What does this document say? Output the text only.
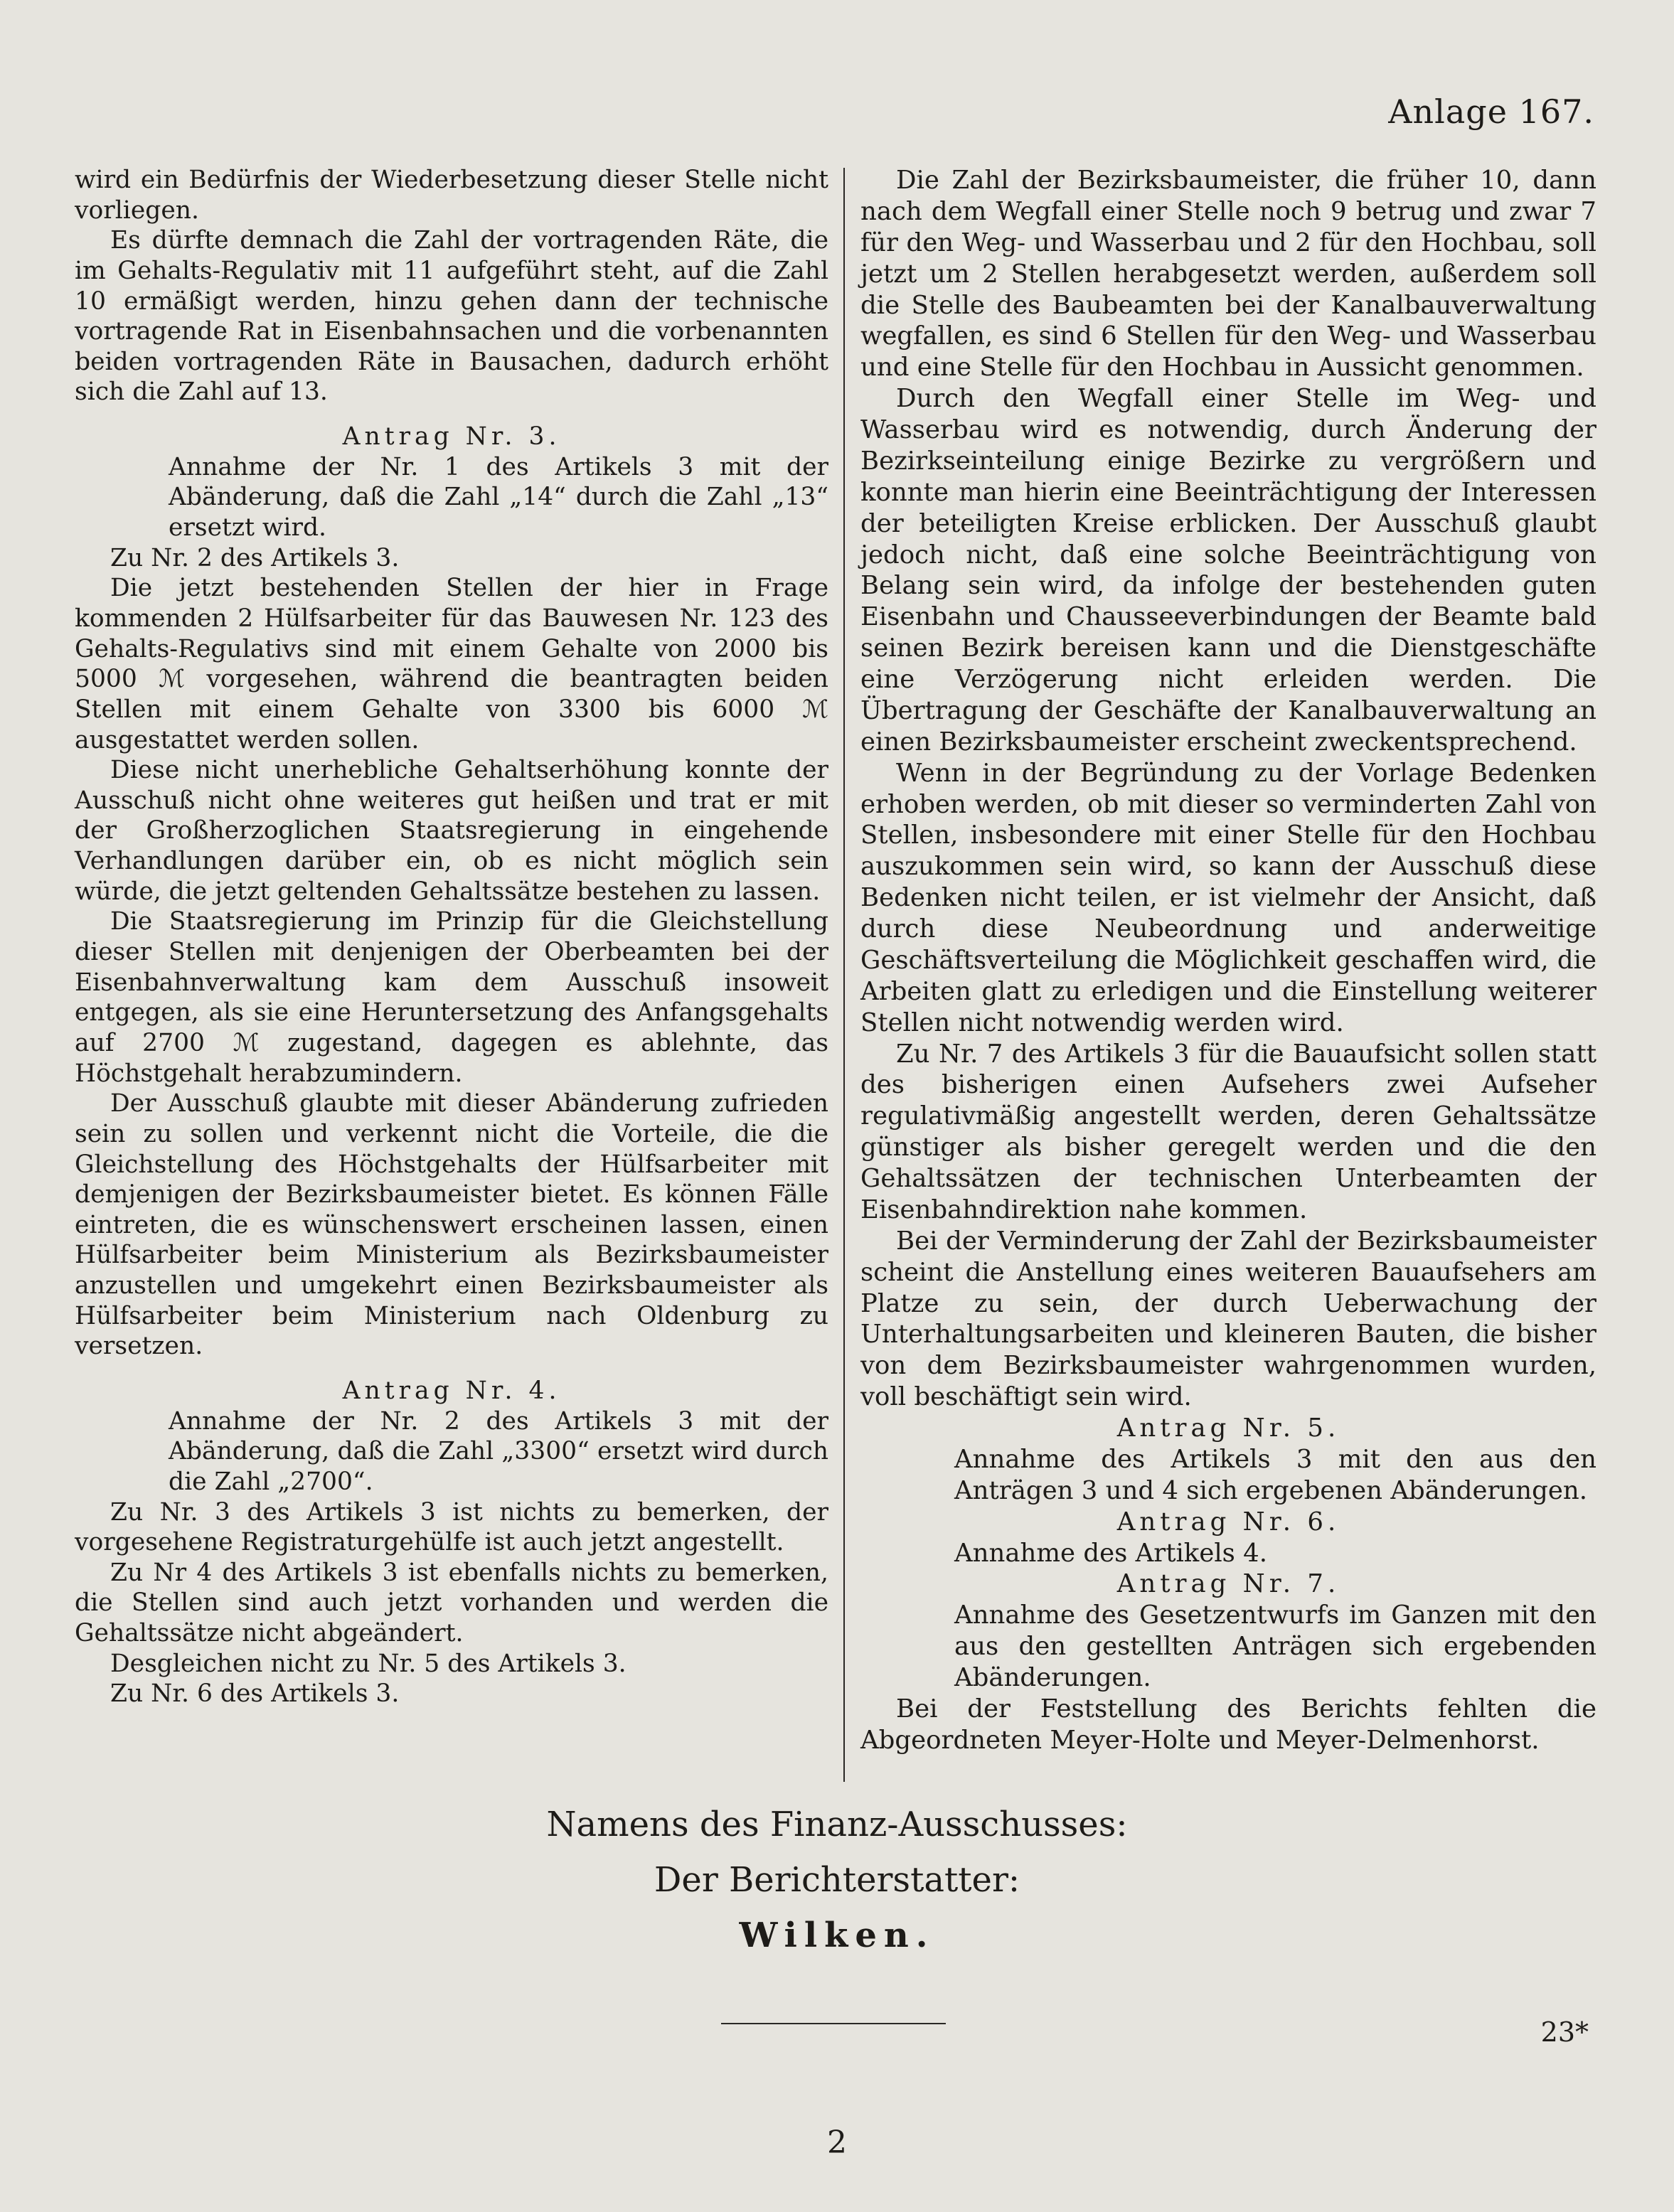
Anlage 167.

wird ein Bedürfnis der Wiederbesetzung dieser Stelle nicht vorliegen.

Es dürfte demnach die Zahl der vortragenden Räte, die im Gehalts-Regulativ mit 11 aufgeführt steht, auf die Zahl 10 ermäßigt werden, hinzu gehen dann der technische vortragende Rat in Eisenbahnsachen und die vorbenannten beiden vortragenden Räte in Bausachen, dadurch erhöht sich die Zahl auf 13.

Antrag Nr. 3.

Annahme der Nr. 1 des Artikels 3 mit der Abänderung, daß die Zahl „14“ durch die Zahl „13“ ersetzt wird.

Zu Nr. 2 des Artikels 3.

Die jetzt bestehenden Stellen der hier in Frage kommenden 2 Hülfsarbeiter für das Bauwesen Nr. 123 des Gehalts-Regulativs sind mit einem Gehalte von 2000 bis 5000 ℳ vorgesehen, während die beantragten beiden Stellen mit einem Gehalte von 3300 bis 6000 ℳ ausgestattet werden sollen.

Diese nicht unerhebliche Gehaltserhöhung konnte der Ausschuß nicht ohne weiteres gut heißen und trat er mit der Großherzoglichen Staatsregierung in eingehende Verhandlungen darüber ein, ob es nicht möglich sein würde, die jetzt geltenden Gehaltssätze bestehen zu lassen.

Die Staatsregierung im Prinzip für die Gleichstellung dieser Stellen mit denjenigen der Oberbeamten bei der Eisenbahnverwaltung kam dem Ausschuß insoweit entgegen, als sie eine Heruntersetzung des Anfangsgehalts auf 2700 ℳ zugestand, dagegen es ablehnte, das Höchstgehalt herabzumindern.

Der Ausschuß glaubte mit dieser Abänderung zufrieden sein zu sollen und verkennt nicht die Vorteile, die die Gleichstellung des Höchstgehalts der Hülfsarbeiter mit demjenigen der Bezirksbaumeister bietet. Es können Fälle eintreten, die es wünschenswert erscheinen lassen, einen Hülfsarbeiter beim Ministerium als Bezirksbaumeister anzustellen und umgekehrt einen Bezirksbaumeister als Hülfsarbeiter beim Ministerium nach Oldenburg zu versetzen.

Antrag Nr. 4.

Annahme der Nr. 2 des Artikels 3 mit der Abänderung, daß die Zahl „3300“ ersetzt wird durch die Zahl „2700“.

Zu Nr. 3 des Artikels 3 ist nichts zu bemerken, der vorgesehene Registraturgehülfe ist auch jetzt angestellt.

Zu Nr 4 des Artikels 3 ist ebenfalls nichts zu bemerken, die Stellen sind auch jetzt vorhanden und werden die Gehaltssätze nicht abgeändert.

Desgleichen nicht zu Nr. 5 des Artikels 3.

Zu Nr. 6 des Artikels 3.

Die Zahl der Bezirksbaumeister, die früher 10, dann nach dem Wegfall einer Stelle noch 9 betrug und zwar 7 für den Weg- und Wasserbau und 2 für den Hochbau, soll jetzt um 2 Stellen herabgesetzt werden, außerdem soll die Stelle des Baubeamten bei der Kanalbauverwaltung wegfallen, es sind 6 Stellen für den Weg- und Wasserbau und eine Stelle für den Hochbau in Aussicht genommen.

Durch den Wegfall einer Stelle im Weg- und Wasserbau wird es notwendig, durch Änderung der Bezirkseinteilung einige Bezirke zu vergrößern und konnte man hierin eine Beeinträchtigung der Interessen der beteiligten Kreise erblicken. Der Ausschuß glaubt jedoch nicht, daß eine solche Beeinträchtigung von Belang sein wird, da infolge der bestehenden guten Eisenbahn und Chausseeverbindungen der Beamte bald seinen Bezirk bereisen kann und die Dienstgeschäfte eine Verzögerung nicht erleiden werden. Die Übertragung der Geschäfte der Kanalbauverwaltung an einen Bezirksbaumeister erscheint zweckentsprechend.

Wenn in der Begründung zu der Vorlage Bedenken erhoben werden, ob mit dieser so verminderten Zahl von Stellen, insbesondere mit einer Stelle für den Hochbau auszukommen sein wird, so kann der Ausschuß diese Bedenken nicht teilen, er ist vielmehr der Ansicht, daß durch diese Neubeordnung und anderweitige Geschäftsverteilung die Möglichkeit geschaffen wird, die Arbeiten glatt zu erledigen und die Einstellung weiterer Stellen nicht notwendig werden wird.

Zu Nr. 7 des Artikels 3 für die Bauaufsicht sollen statt des bisherigen einen Aufsehers zwei Aufseher regulativmäßig angestellt werden, deren Gehaltssätze günstiger als bisher geregelt werden und die den Gehaltssätzen der technischen Unterbeamten der Eisenbahndirektion nahe kommen.

Bei der Verminderung der Zahl der Bezirksbaumeister scheint die Anstellung eines weiteren Bauaufsehers am Platze zu sein, der durch Ueberwachung der Unterhaltungsarbeiten und kleineren Bauten, die bisher von dem Bezirksbaumeister wahrgenommen wurden, voll beschäftigt sein wird.

Antrag Nr. 5.

Annahme des Artikels 3 mit den aus den Anträgen 3 und 4 sich ergebenen Abänderungen.

Antrag Nr. 6.

Annahme des Artikels 4.

Antrag Nr. 7.

Annahme des Gesetzentwurfs im Ganzen mit den aus den gestellten Anträgen sich ergebenden Abänderungen.

Bei der Feststellung des Berichts fehlten die Abgeordneten Meyer-Holte und Meyer-Delmenhorst.

Namens des Finanz-Ausschusses:
Der Berichterstatter:
Wilken.
23*
2
